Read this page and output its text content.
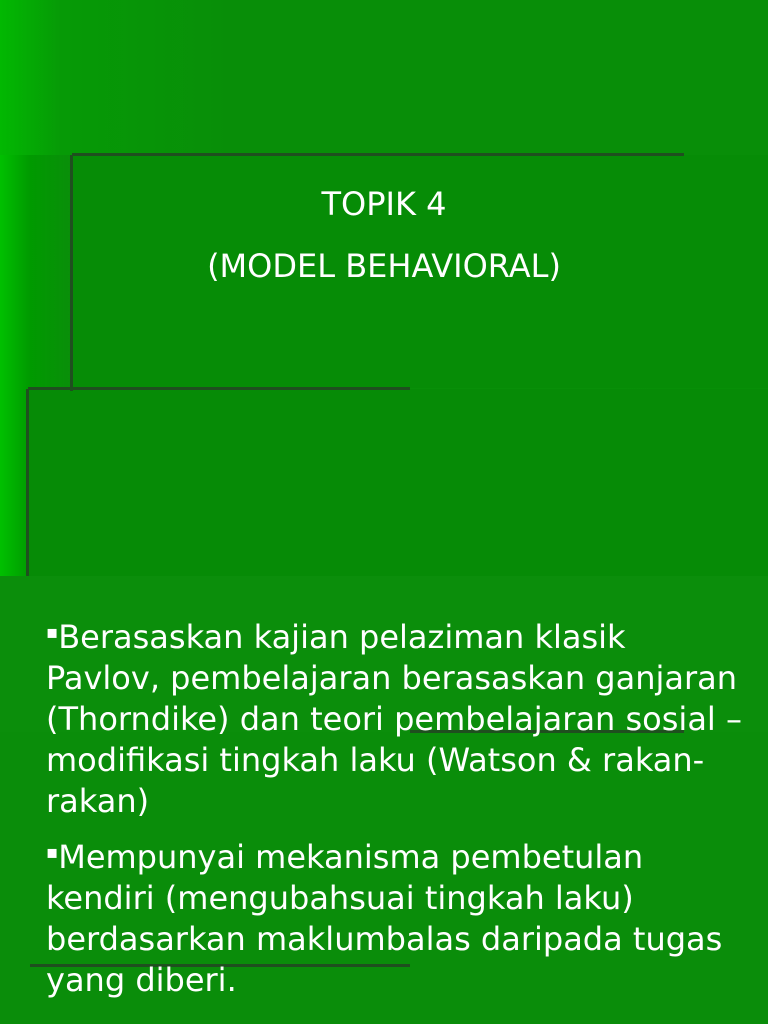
TOPIK 4
(MODEL BEHAVIORAL)
▪Berasaskan kajian pelaziman klasik Pavlov, pembelajaran berasaskan ganjaran (Thorndike) dan teori pembelajaran sosial – modifikasi tingkah laku (Watson & rakan-rakan)
▪Mempunyai mekanisma pembetulan kendiri (mengubahsuai tingkah laku) berdasarkan maklumbalas daripada tugas yang diberi.
